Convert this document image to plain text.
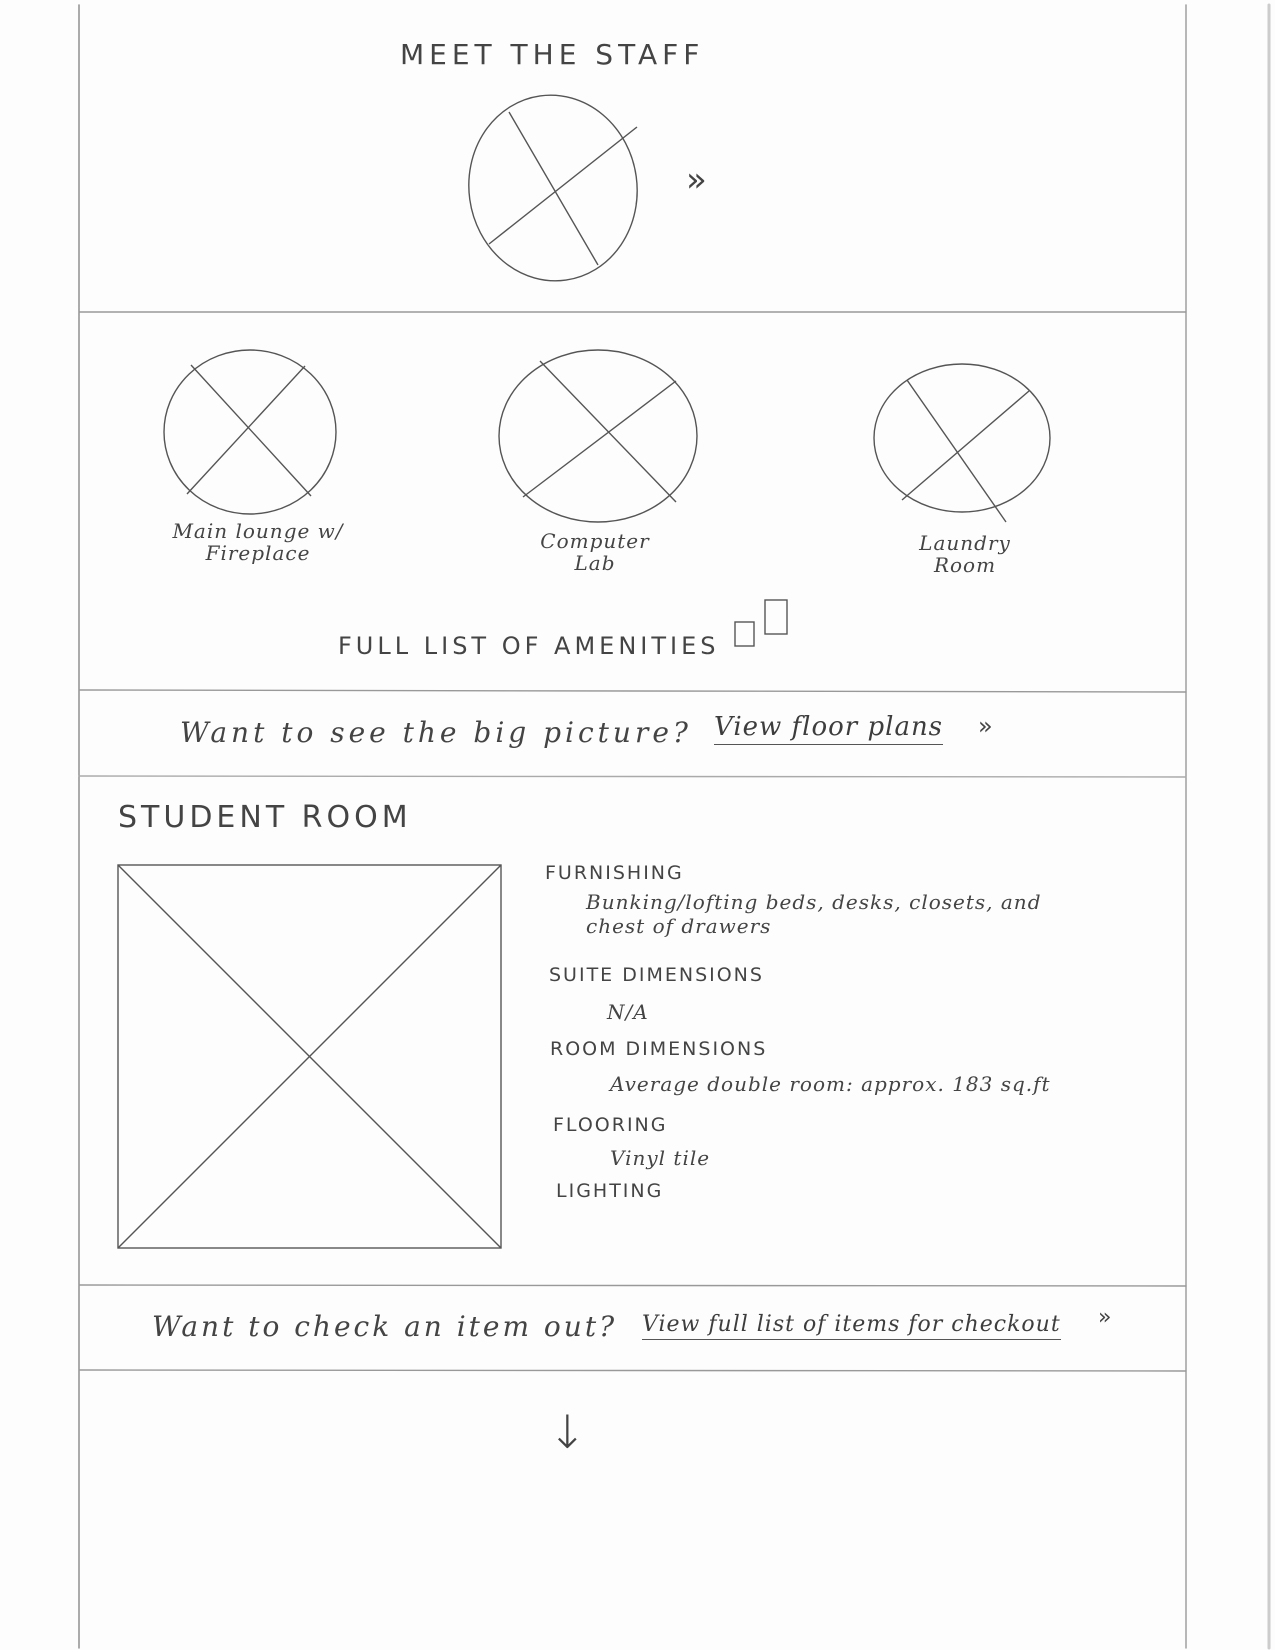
MEET THE STAFF
»
Main lounge w/
Fireplace	Computer
Lab
Laundry
Room
FULL LIST OF AMENITIES
Want to see the big picture? View floor plans »
STUDENT ROOM
FURNISHING
Bunking/lofting beds, desks, closets, and
chest of drawers
SUITE DIMENSIONS
N/A
ROOM DIMENSIONS
Average double room: approx. 183 sq.ft
FLOORING
Vinyl tile
LIGHTING
Want to check an item out? View full list of items for checkout »
↓
